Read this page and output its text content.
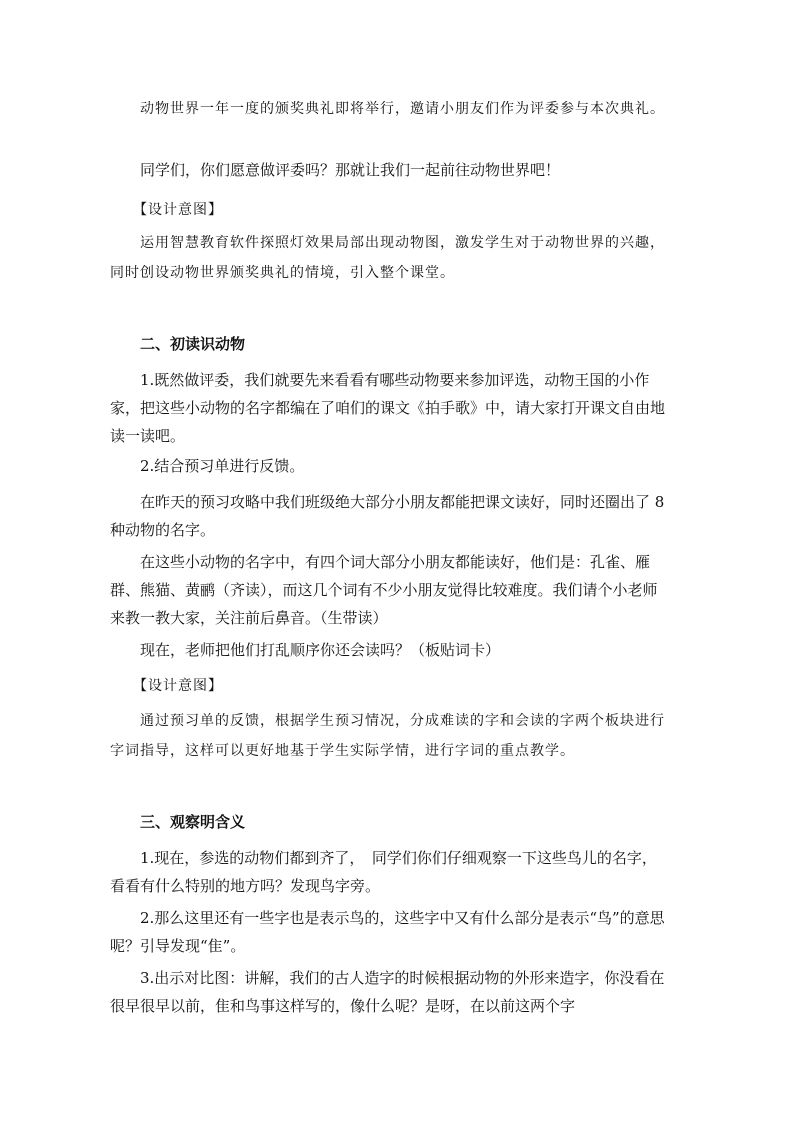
　　动物世界一年一度的颁奖典礼即将举行，邀请小朋友们作为评委参与本次典礼。

　　同学们，你们愿意做评委吗？那就让我们一起前往动物世界吧！

　　【设计意图】

　　运用智慧教育软件探照灯效果局部出现动物图，激发学生对于动物世界的兴趣，同时创设动物世界颁奖典礼的情境，引入整个课堂。

　　二、初读识动物

　　1.既然做评委，我们就要先来看看有哪些动物要来参加评选，动物王国的小作家，把这些小动物的名字都编在了咱们的课文《拍手歌》中，请大家打开课文自由地读一读吧。

　　2.结合预习单进行反馈。

　　在昨天的预习攻略中我们班级绝大部分小朋友都能把课文读好，同时还圈出了 8 种动物的名字。

　　在这些小动物的名字中，有四个词大部分小朋友都能读好，他们是：孔雀、雁群、熊猫、黄鹂（齐读），而这几个词有不少小朋友觉得比较难度。我们请个小老师来教一教大家，关注前后鼻音。（生带读）

　　现在，老师把他们打乱顺序你还会读吗？（板贴词卡）

　　【设计意图】

　　通过预习单的反馈，根据学生预习情况，分成难读的字和会读的字两个板块进行字词指导，这样可以更好地基于学生实际学情，进行字词的重点教学。

　　三、观察明含义

　　1.现在，参选的动物们都到齐了，　同学们你们仔细观察一下这些鸟儿的名字，看看有什么特别的地方吗？发现鸟字旁。

　　2.那么这里还有一些字也是表示鸟的，这些字中又有什么部分是表示“鸟”的意思呢？引导发现“隹”。

　　3.出示对比图：讲解，我们的古人造字的时候根据动物的外形来造字，你没看在很早很早以前，隹和鸟事这样写的，像什么呢？是呀，在以前这两个字
